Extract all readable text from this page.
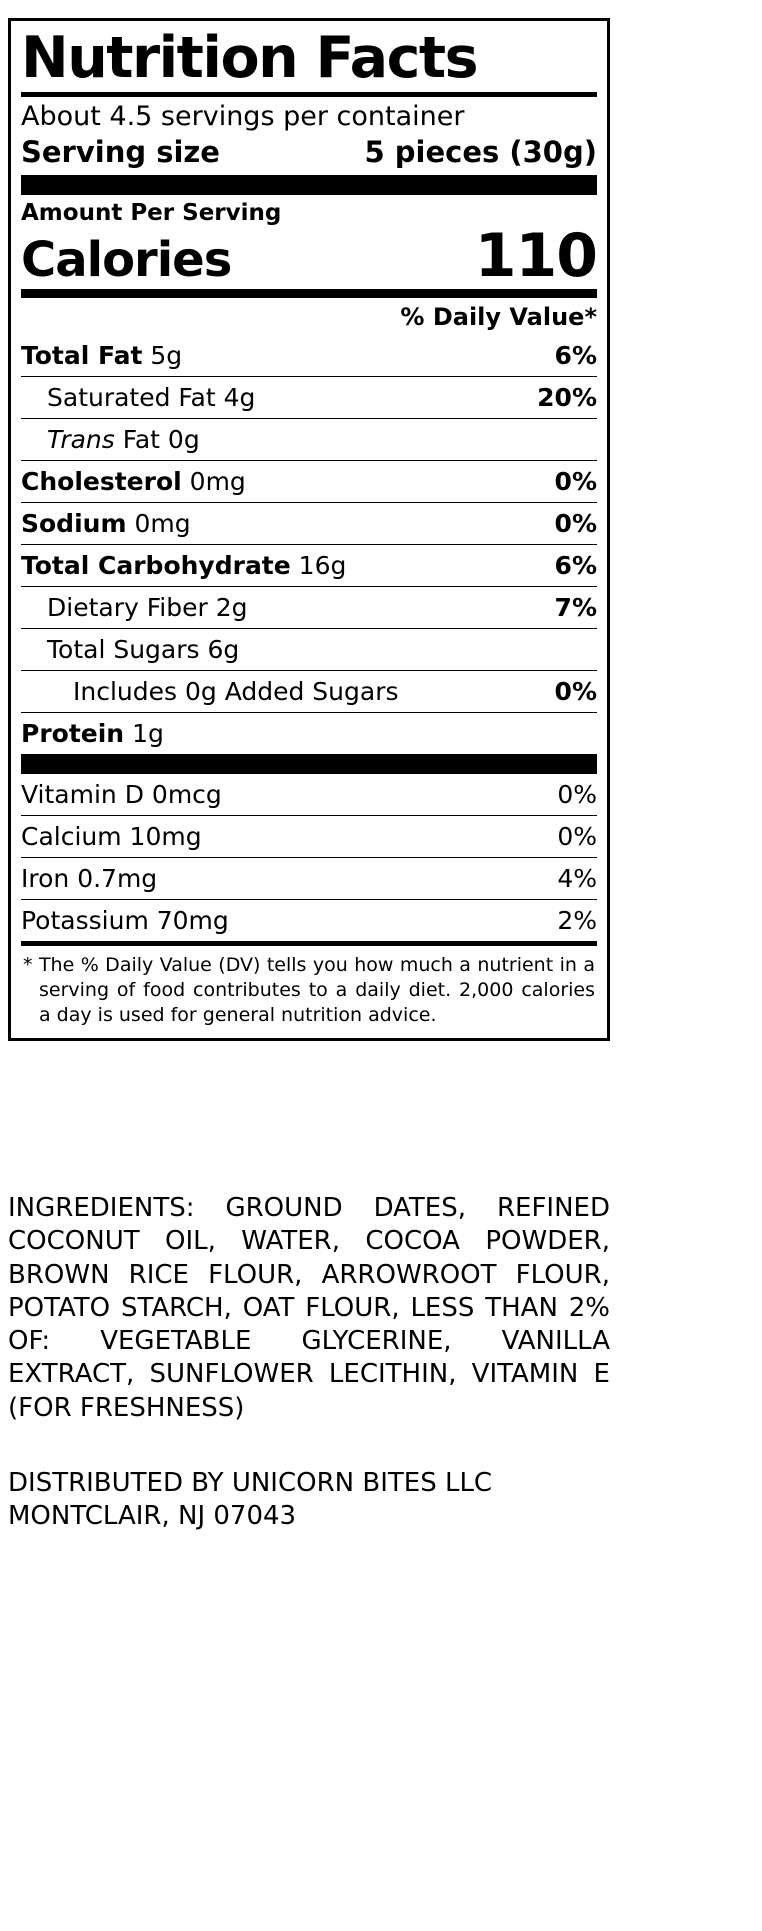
Nutrition Facts
About 4.5 servings per container
Serving size	5 pieces (30g)
Amount Per Serving
Calories	110
% Daily Value*
Total Fat 5g	6%
Saturated Fat 4g	20%
Trans Fat 0g
Cholesterol 0mg	0%
Sodium 0mg	0%
Total Carbohydrate 16g	6%
Dietary Fiber 2g	7%
Total Sugars 6g
Includes 0g Added Sugars	0%
Protein 1g
Vitamin D 0mcg	0%
Calcium 10mg	0%
Iron 0.7mg	4%
Potassium 70mg	2%
* The % Daily Value (DV) tells you how much a nutrient in a serving of food contributes to a daily diet. 2,000 calories a day is used for general nutrition advice.
INGREDIENTS: GROUND DATES, REFINED COCONUT OIL, WATER, COCOA POWDER, BROWN RICE FLOUR, ARROWROOT FLOUR, POTATO STARCH, OAT FLOUR, LESS THAN 2% OF: VEGETABLE GLYCERINE, VANILLA EXTRACT, SUNFLOWER LECITHIN, VITAMIN E (FOR FRESHNESS)
DISTRIBUTED BY UNICORN BITES LLC
MONTCLAIR, NJ 07043
